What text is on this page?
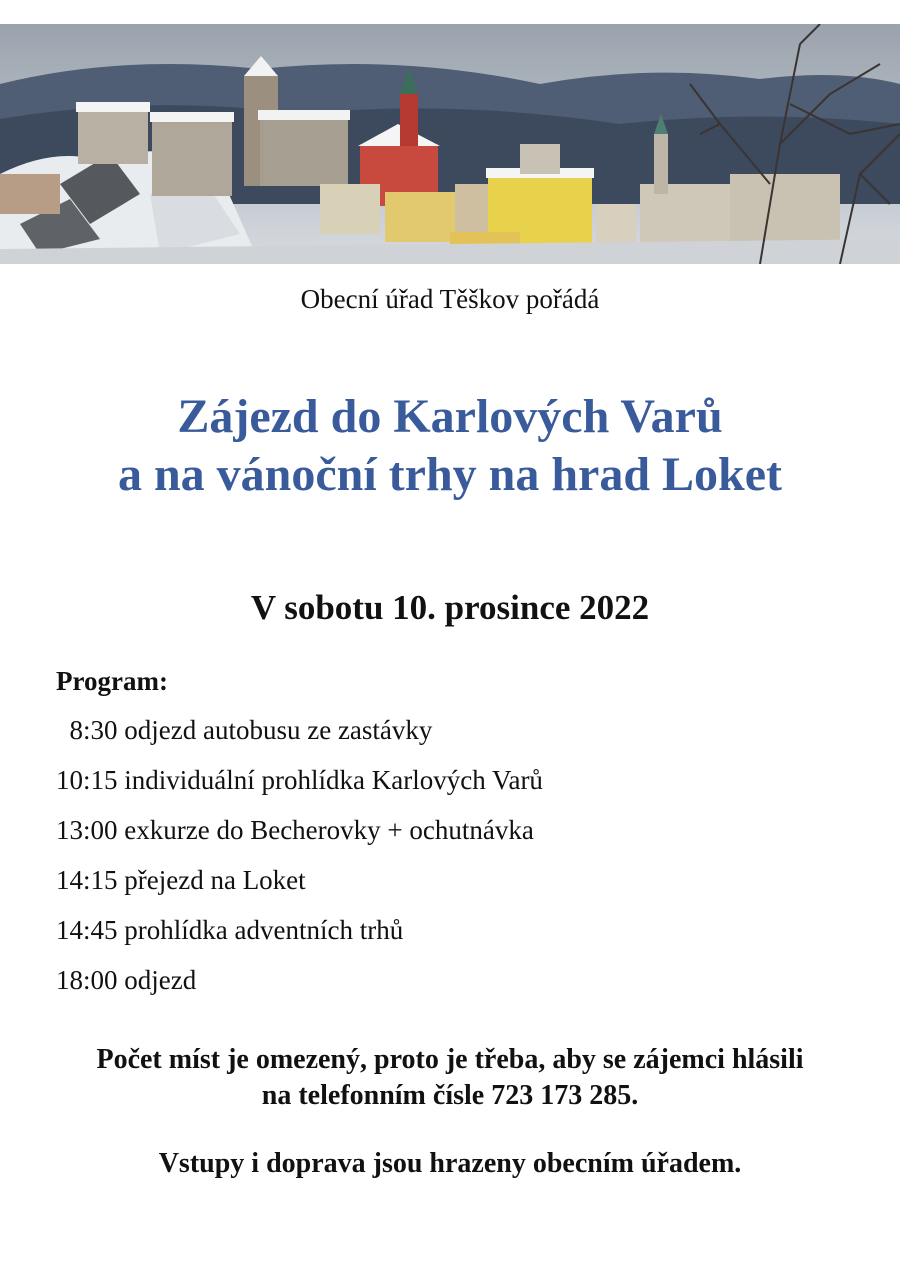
Obecní úřad Těškov pořádá
Zájezd do Karlových Varů
a na vánoční trhy na hrad Loket
V sobotu 10. prosince 2022
Program:
8:30 odjezd autobusu ze zastávky
10:15 individuální prohlídka Karlových Varů
13:00 exkurze do Becherovky + ochutnávka
14:15 přejezd na Loket
14:45 prohlídka adventních trhů
18:00 odjezd

Počet míst je omezený, proto je třeba, aby se zájemci hlásili

na telefonním čísle 723 173 285.

Vstupy i doprava jsou hrazeny obecním úřadem.
